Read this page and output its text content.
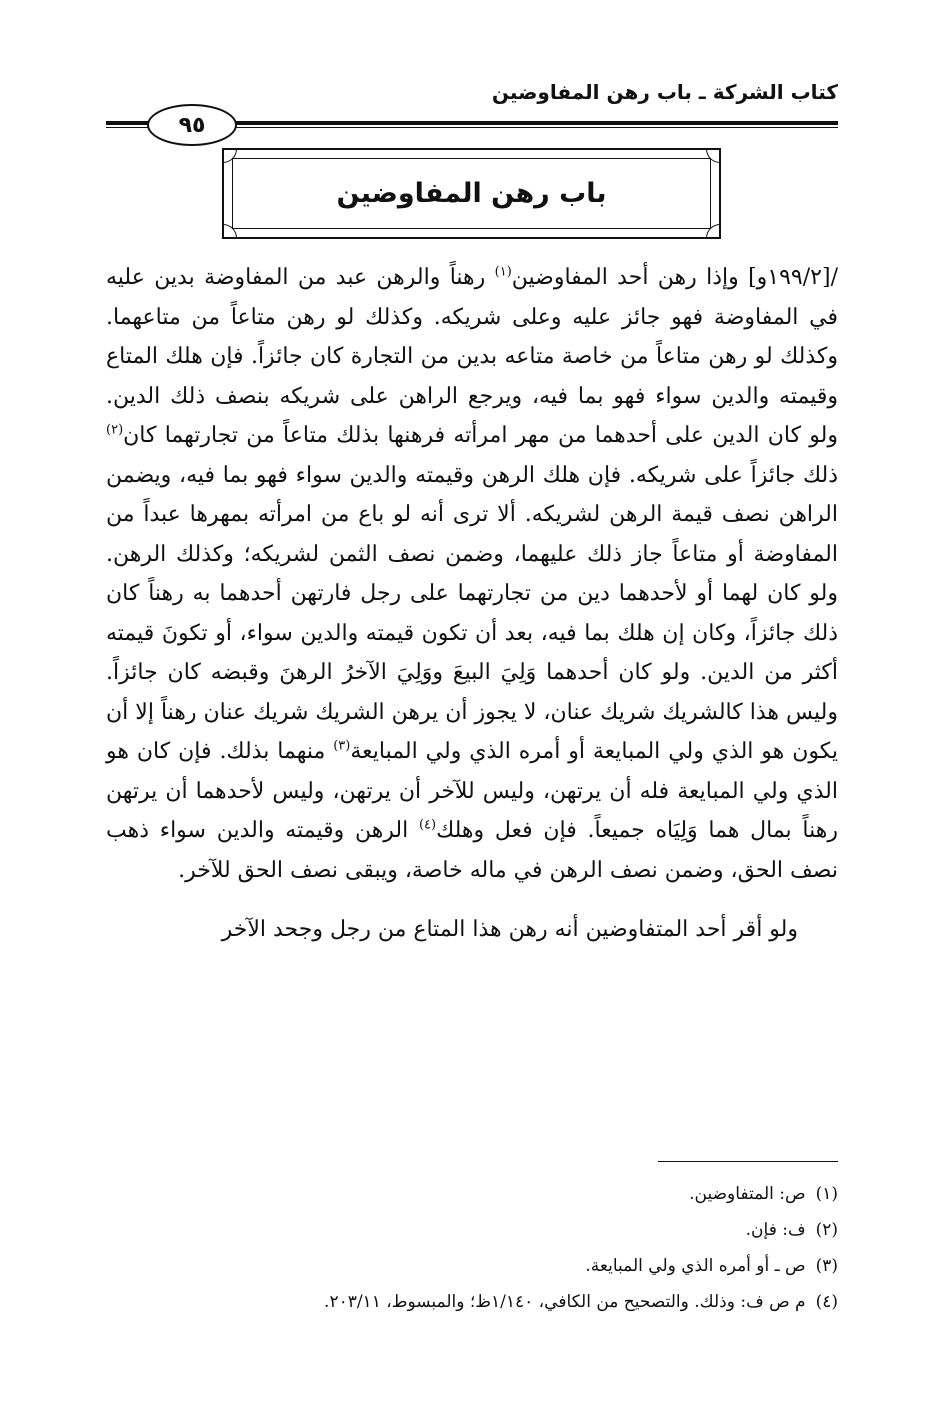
كتاب الشركة ـ باب رهن المفاوضين
٩٥
باب رهن المفاوضين

/[١٩٩/٢و] وإذا رهن أحد المفاوضين$^{(١)}$ رهناً والرهن عبد من المفاوضة بدين عليه في المفاوضة فهو جائز عليه وعلى شريكه. وكذلك لو رهن متاعاً من متاعهما. وكذلك لو رهن متاعاً من خاصة متاعه بدين من التجارة كان جائزاً. فإن هلك المتاع وقيمته والدين سواء فهو بما فيه، ويرجع الراهن على شريكه بنصف ذلك الدين. ولو كان الدين على أحدهما من مهر امرأته فرهنها بذلك متاعاً من تجارتهما كان$^{(٢)}$ ذلك جائزاً على شريكه. فإن هلك الرهن وقيمته والدين سواء فهو بما فيه، ويضمن الراهن نصف قيمة الرهن لشريكه. ألا ترى أنه لو باع من امرأته بمهرها عبداً من المفاوضة أو متاعاً جاز ذلك عليهما، وضمن نصف الثمن لشريكه؛ وكذلك الرهن. ولو كان لهما أو لأحدهما دين من تجارتهما على رجل فارتهن أحدهما به رهناً كان ذلك جائزاً، وكان إن هلك بما فيه، بعد أن تكون قيمته والدين سواء، أو تكونَ قيمته أكثر من الدين. ولو كان أحدهما وَلِيَ البيعَ ووَلِيَ الآخرُ الرهنَ وقبضه كان جائزاً. وليس هذا كالشريك شريك عنان، لا يجوز أن يرهن الشريك شريك عنان رهناً إلا أن يكون هو الذي ولي المبايعة أو أمره الذي ولي المبايعة$^{(٣)}$ منهما بذلك. فإن كان هو الذي ولي المبايعة فله أن يرتهن، وليس للآخر أن يرتهن، وليس لأحدهما أن يرتهن رهناً بمال هما وَلِيَاه جميعاً. فإن فعل وهلك$^{(٤)}$ الرهن وقيمته والدين سواء ذهب نصف الحق، وضمن نصف الرهن في ماله خاصة، ويبقى نصف الحق للآخر.

ولو أقر أحد المتفاوضين أنه رهن هذا المتاع من رجل وجحد الآخر

(١)ص: المتفاوضين.
(٢)ف: فإن.
(٣)ص ـ أو أمره الذي ولي المبايعة.
(٤)م ص ف: وذلك. والتصحيح من الكافي، ١/١٤٠ظ؛ والمبسوط، ٢٠٣/١١.
